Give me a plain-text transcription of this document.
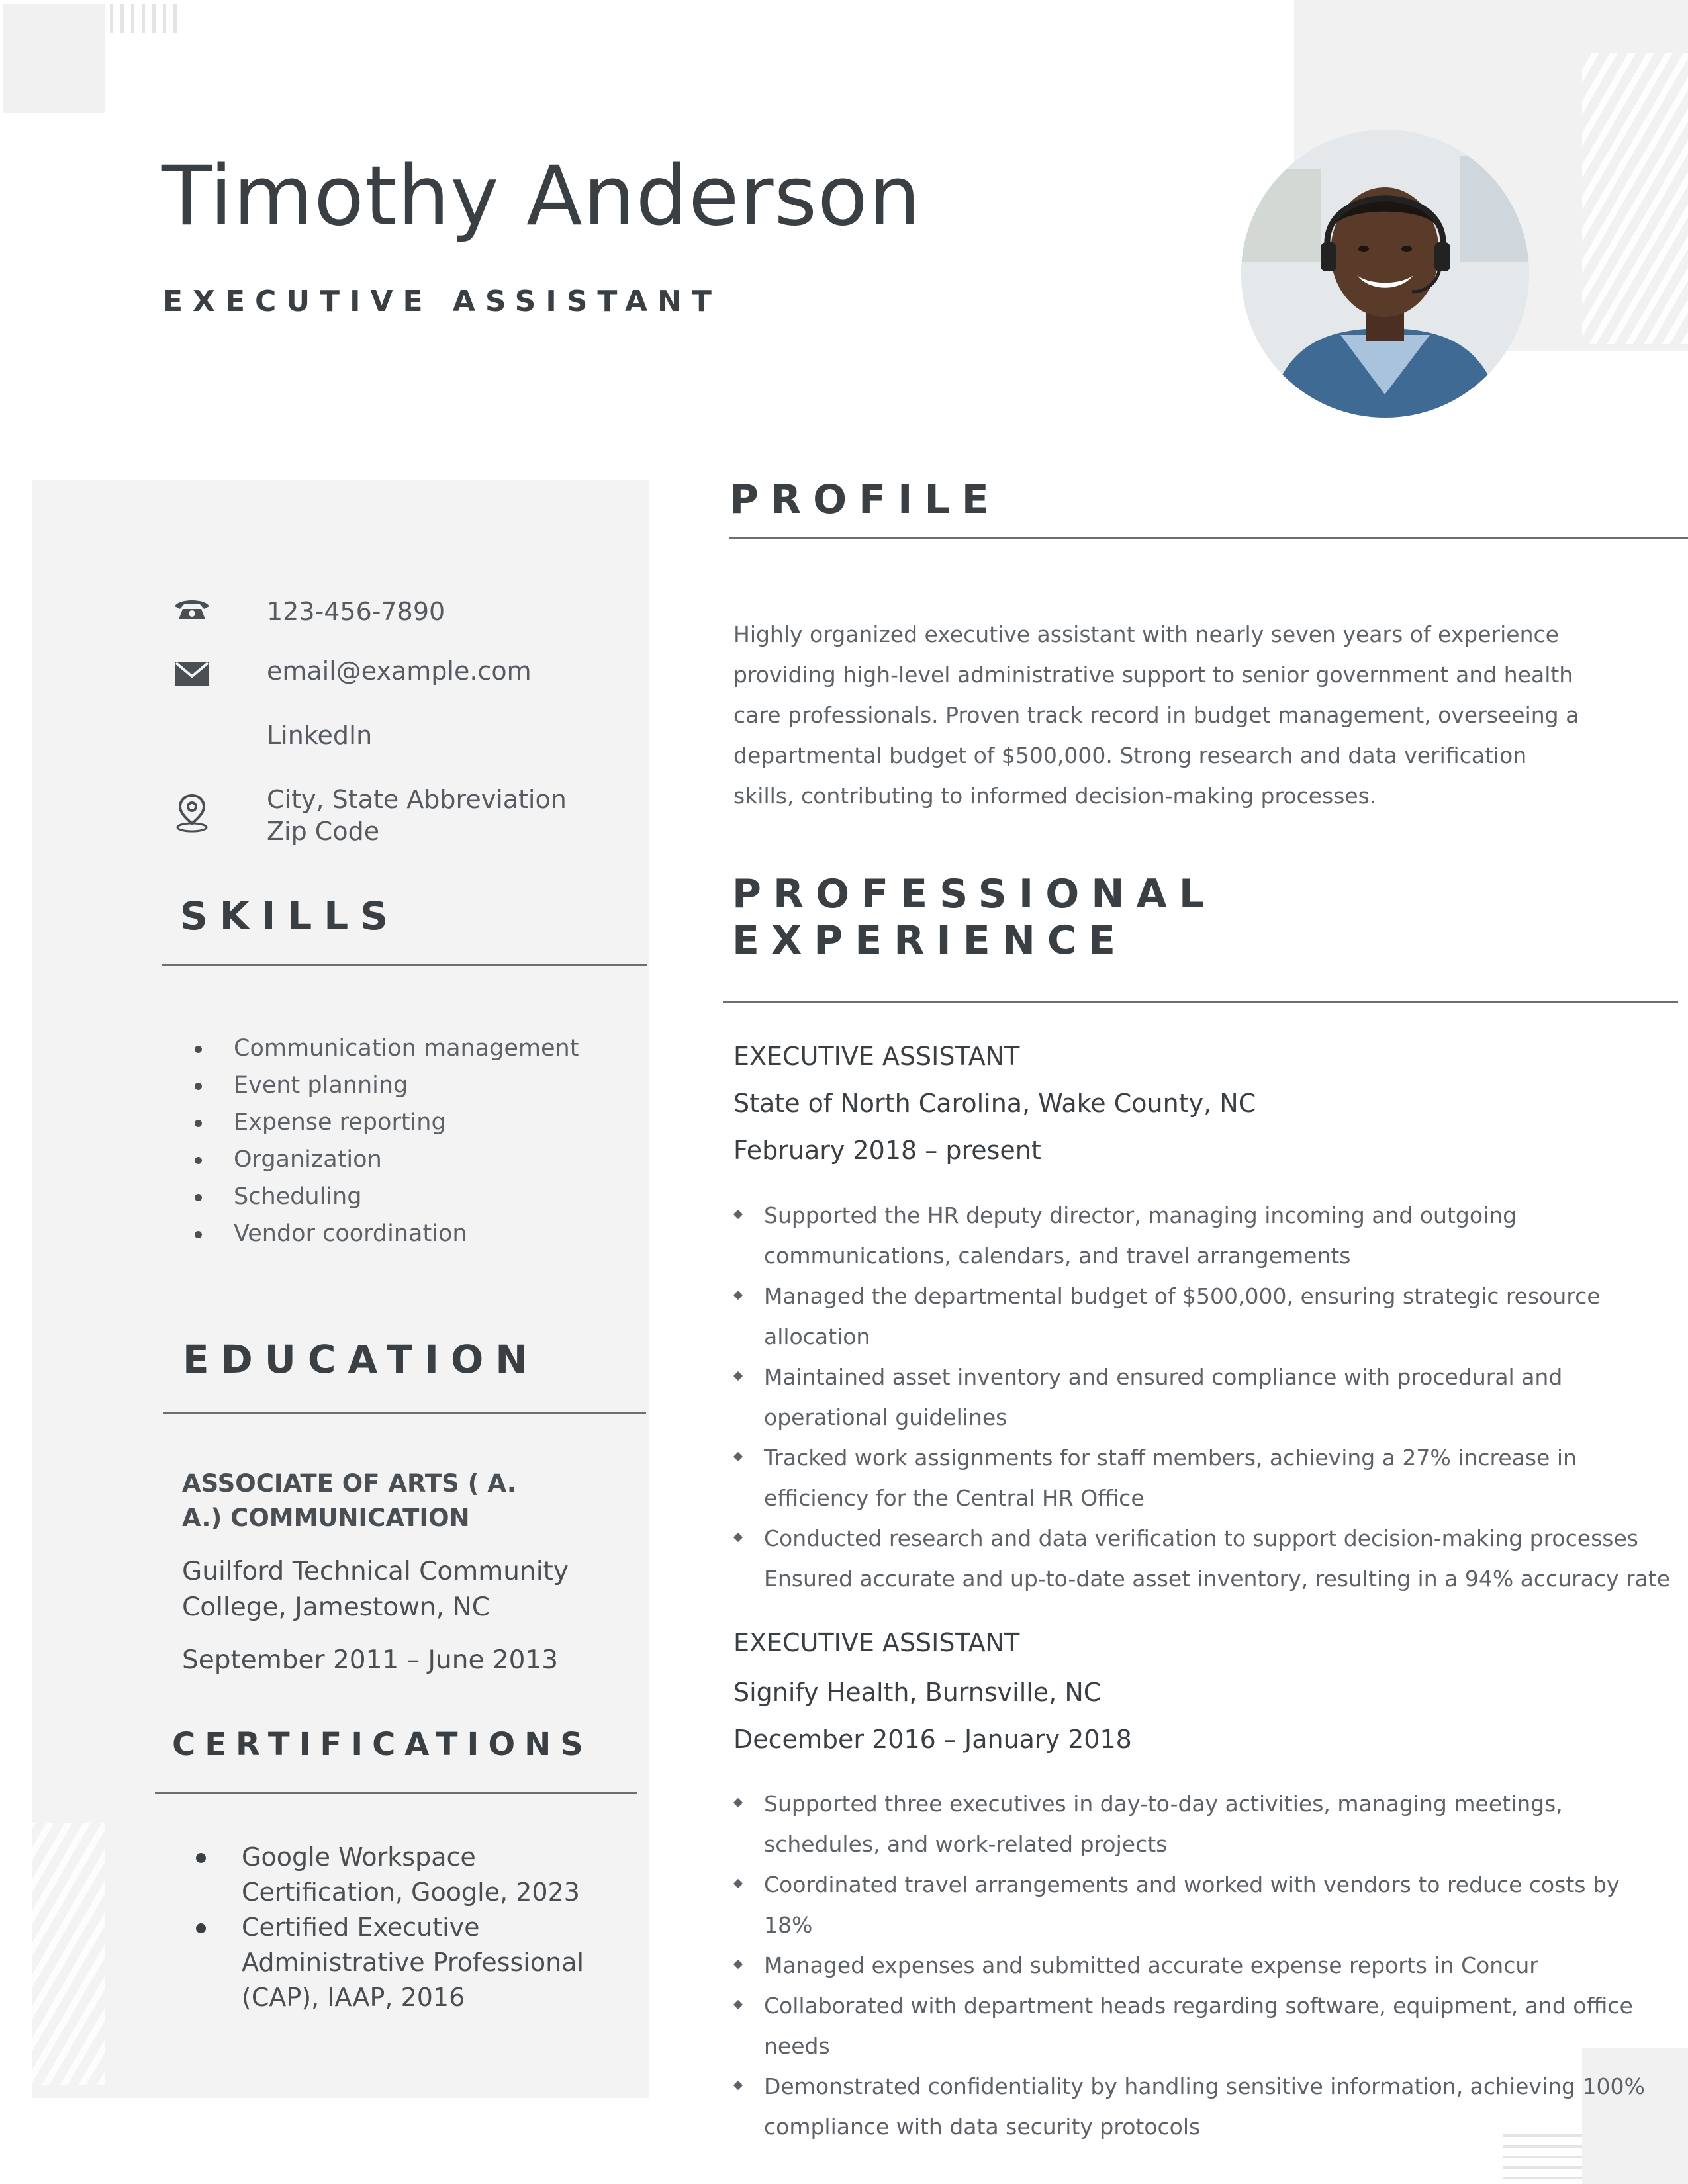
Timothy Anderson
EXECUTIVE ASSISTANT
123-456-7890
email@example.com
LinkedIn
City, State Abbreviation Zip Code
SKILLS
Communication management
Event planning
Expense reporting
Organization
Scheduling
Vendor coordination
EDUCATION
ASSOCIATE OF ARTS ( A. A.) COMMUNICATION
Guilford Technical Community College, Jamestown, NC
September 2011 – June 2013
CERTIFICATIONS
Google Workspace Certification, Google, 2023
Certified Executive Administrative Professional (CAP), IAAP, 2016
PROFILE
Highly organized executive assistant with nearly seven years of experience providing high-level administrative support to senior government and health care professionals. Proven track record in budget management, overseeing a departmental budget of $500,000. Strong research and data verification skills, contributing to informed decision-making processes.
PROFESSIONAL EXPERIENCE
EXECUTIVE ASSISTANT
State of North Carolina, Wake County, NC
February 2018 – present
Supported the HR deputy director, managing incoming and outgoing communications, calendars, and travel arrangements
Managed the departmental budget of $500,000, ensuring strategic resource allocation
Maintained asset inventory and ensured compliance with procedural and operational guidelines
Tracked work assignments for staff members, achieving a 27% increase in efficiency for the Central HR Office
Conducted research and data verification to support decision-making processes
Ensured accurate and up-to-date asset inventory, resulting in a 94% accuracy rate
EXECUTIVE ASSISTANT
Signify Health, Burnsville, NC
December 2016 – January 2018
Supported three executives in day-to-day activities, managing meetings, schedules, and work-related projects
Coordinated travel arrangements and worked with vendors to reduce costs by 18%
Managed expenses and submitted accurate expense reports in Concur
Collaborated with department heads regarding software, equipment, and office needs
Demonstrated confidentiality by handling sensitive information, achieving 100% compliance with data security protocols
